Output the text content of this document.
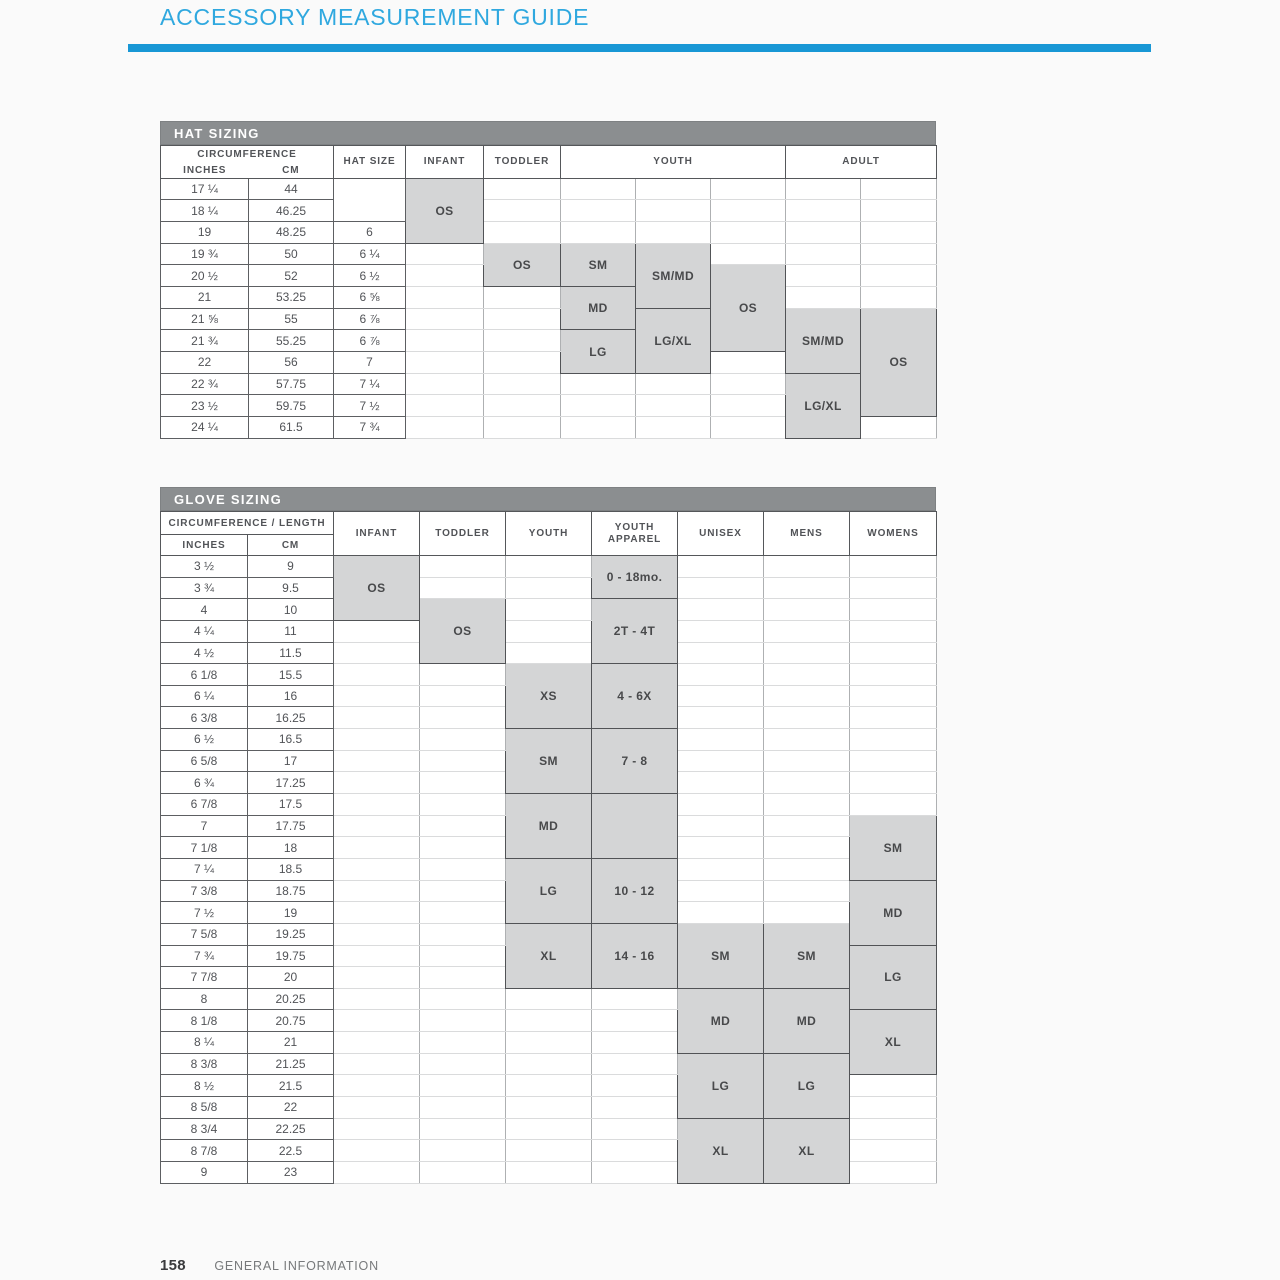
ACCESSORY MEASUREMENT GUIDE
HAT SIZING
CIRCUMFERENCE		HAT SIZE	INFANT	TODDLER	YOUTH			ADULT	
INCHES	CM								
17 ¼	44		OS						
18 ¼	46.25								
19	48.25	6							
19 ¾	50	6 ¼		OS	SM	SM/MD			
20 ½	52	6 ½					OS		
21	53.25	6 ⅝			MD				
21 ⅝	55	6 ⅞				LG/XL		SM/MD	OS
21 ¾	55.25	6 ⅞			LG				
22	56	7							
22 ¾	57.75	7 ¼						LG/XL	
23 ½	59.75	7 ½							
24 ¼	61.5	7 ¾							
GLOVE SIZING
CIRCUMFERENCE / LENGTH		INFANT	TODDLER	YOUTH	YOUTH
APPAREL	UNISEX	MENS	WOMENS
INCHES	CM							
3 ½	9	OS			0 - 18mo.			
3 ¾	9.5							
4	10		OS		2T - 4T			
4 ¼	11							
4 ½	11.5							
6 1/8	15.5			XS	4 - 6X			
6 ¼	16							
6 3/8	16.25							
6 ½	16.5			SM	7 - 8			
6 5/8	17							
6 ¾	17.25							
6 7/8	17.5			MD				
7	17.75							SM
7 1/8	18							
7 ¼	18.5			LG	10 - 12			
7 3/8	18.75							MD
7 ½	19							
7 5/8	19.25			XL	14 - 16	SM	SM	
7 ¾	19.75							LG
7 7/8	20							
8	20.25					MD	MD	
8 1/8	20.75							XL
8 ¼	21							
8 3/8	21.25					LG	LG	
8 ½	21.5							
8 5/8	22							
8 3/4	22.25					XL	XL	
8 7/8	22.5							
9	23							
158 GENERAL INFORMATION
